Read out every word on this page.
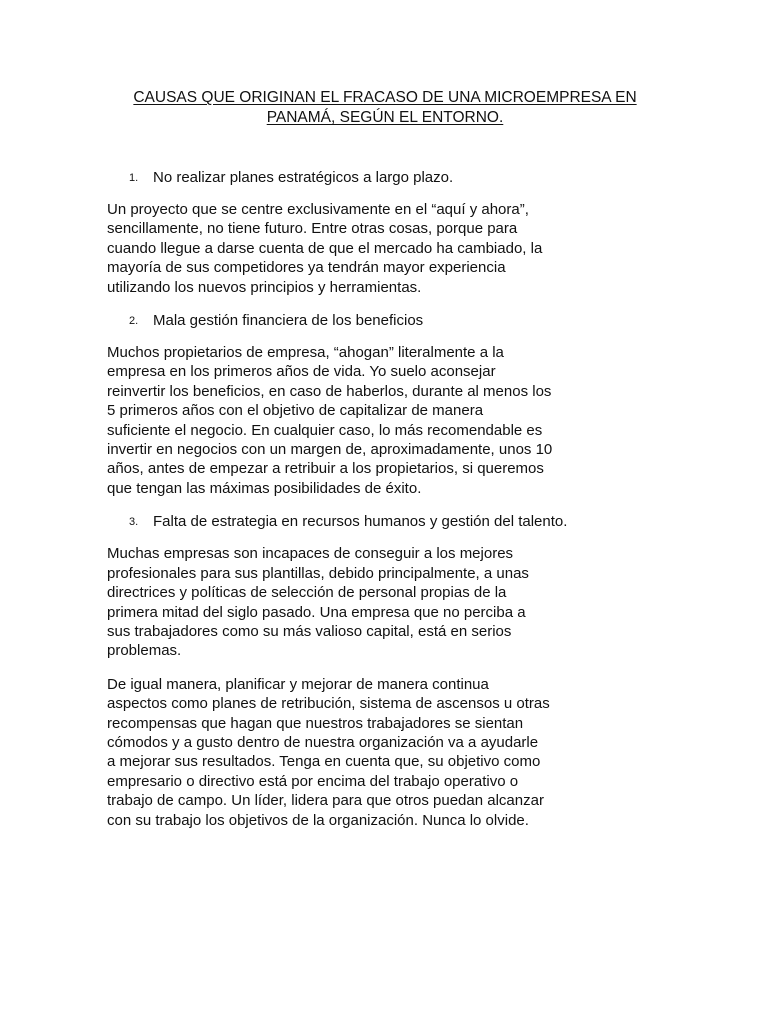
CAUSAS QUE ORIGINAN EL FRACASO DE UNA MICROEMPRESA EN
PANAMÁ, SEGÚN EL ENTORNO.
1. No realizar planes estratégicos a largo plazo.
Un proyecto que se centre exclusivamente en el “aquí y ahora”,
sencillamente, no tiene futuro. Entre otras cosas, porque para
cuando llegue a darse cuenta de que el mercado ha cambiado, la
mayoría de sus competidores ya tendrán mayor experiencia
utilizando los nuevos principios y herramientas.
2. Mala gestión financiera de los beneficios
Muchos propietarios de empresa, “ahogan” literalmente a la
empresa en los primeros años de vida. Yo suelo aconsejar
reinvertir los beneficios, en caso de haberlos, durante al menos los
5 primeros años con el objetivo de capitalizar de manera
suficiente el negocio. En cualquier caso, lo más recomendable es
invertir en negocios con un margen de, aproximadamente, unos 10
años, antes de empezar a retribuir a los propietarios, si queremos
que tengan las máximas posibilidades de éxito.
3. Falta de estrategia en recursos humanos y gestión del talento.
Muchas empresas son incapaces de conseguir a los mejores
profesionales para sus plantillas, debido principalmente, a unas
directrices y políticas de selección de personal propias de la
primera mitad del siglo pasado. Una empresa que no perciba a
sus trabajadores como su más valioso capital, está en serios
problemas.
De igual manera, planificar y mejorar de manera continua
aspectos como planes de retribución, sistema de ascensos u otras
recompensas que hagan que nuestros trabajadores se sientan
cómodos y a gusto dentro de nuestra organización va a ayudarle
a mejorar sus resultados. Tenga en cuenta que, su objetivo como
empresario o directivo está por encima del trabajo operativo o
trabajo de campo. Un líder, lidera para que otros puedan alcanzar
con su trabajo los objetivos de la organización. Nunca lo olvide.
